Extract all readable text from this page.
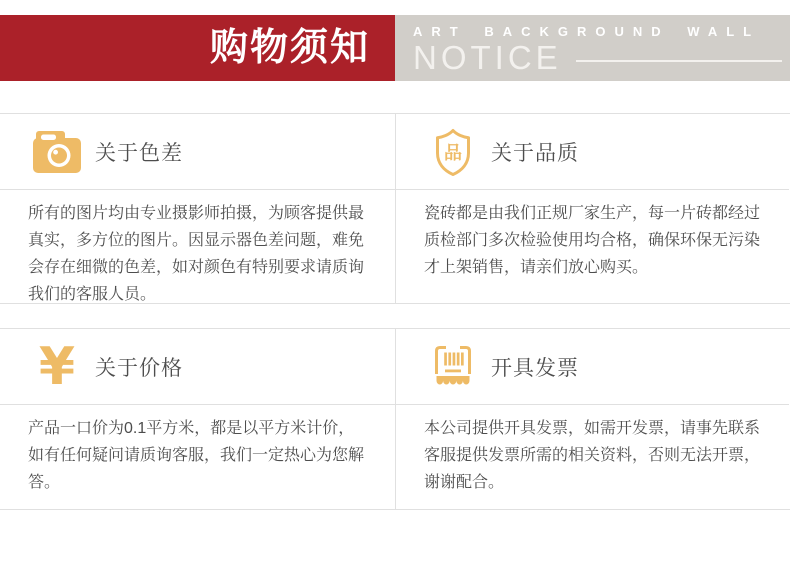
购物须知	ART BACKGROUND WALL
NOTICE
关于色差
所有的图片均由专业摄影师拍摄，为顾客提供最真实，多方位的图片。因显示器色差问题，难免会存在细微的色差，如对颜色有特别要求请质询我们的客服人员。
品 关于品质
瓷砖都是由我们正规厂家生产，每一片砖都经过质检部门多次检验使用均合格，确保环保无污染才上架销售，请亲们放心购买。
¥ 关于价格
产品一口价为0.1平方米，都是以平方米计价，如有任何疑问请质询客服，我们一定热心为您解答。
开具发票
本公司提供开具发票，如需开发票，请事先联系客服提供发票所需的相关资料，否则无法开票，谢谢配合。
